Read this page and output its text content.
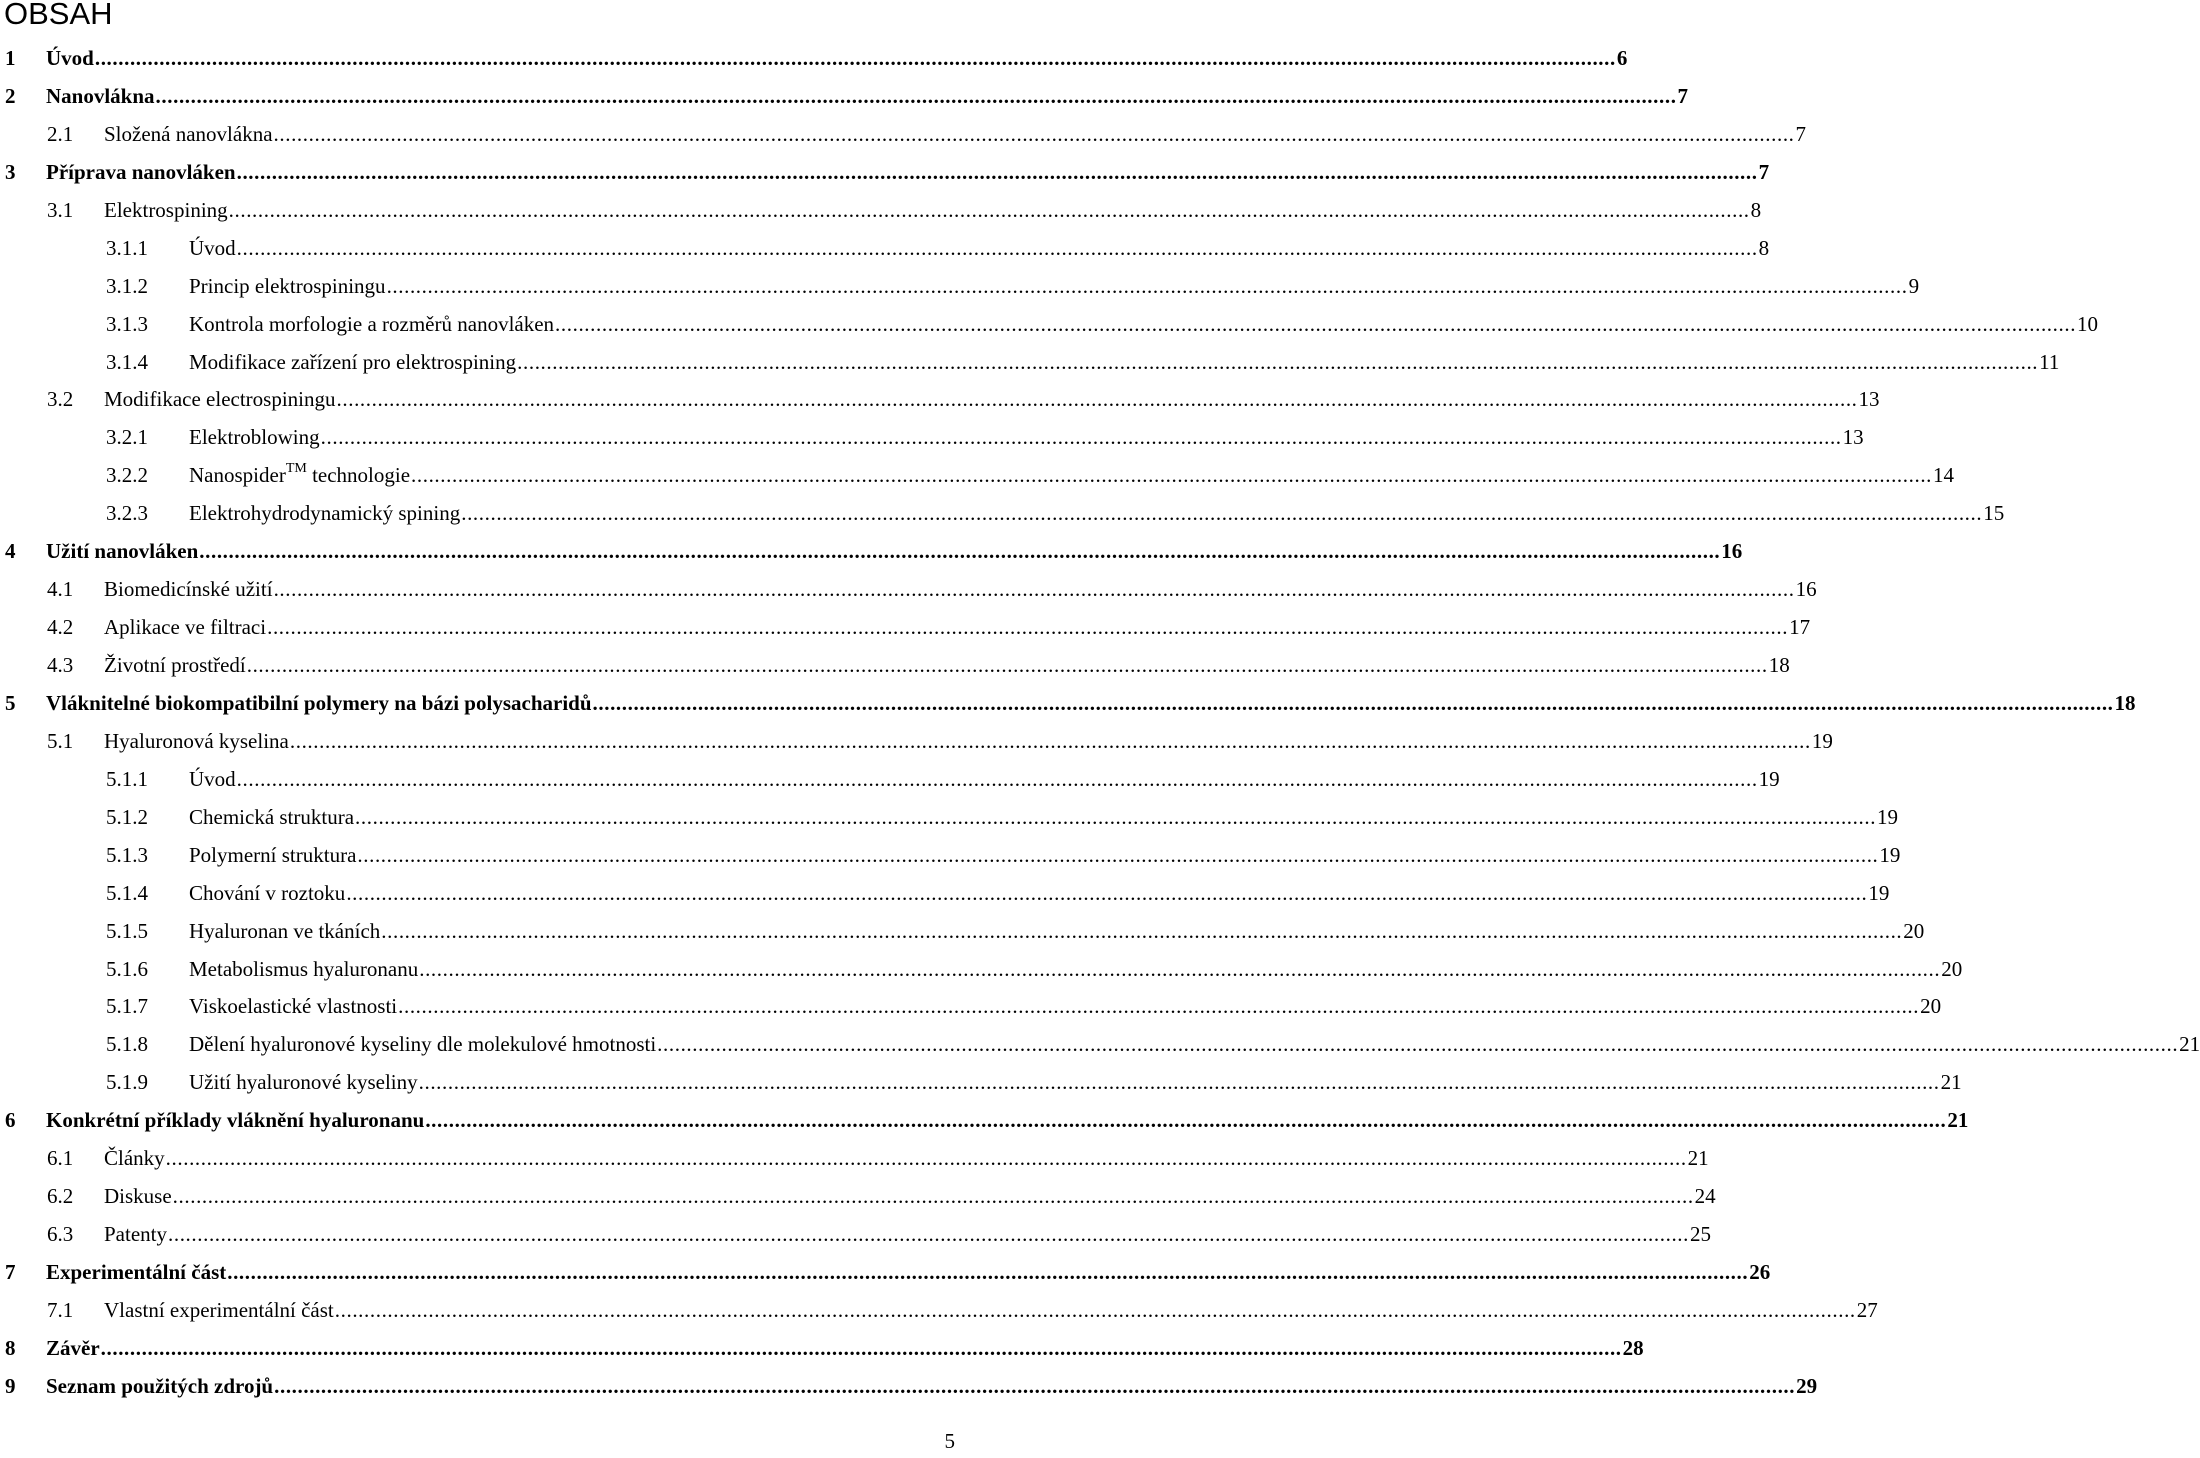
OBSAH
1 Úvod .................................................................................................................................................................................................................................................................... 6
2 Nanovlákna .................................................................................................................................................................................................................................................................... 7
2.1 Složená nanovlákna .................................................................................................................................................................................................................................................................... 7
3 Příprava nanovláken .................................................................................................................................................................................................................................................................... 7
3.1 Elektrospining .................................................................................................................................................................................................................................................................... 8
3.1.1 Úvod .................................................................................................................................................................................................................................................................... 8
3.1.2 Princip elektrospiningu .................................................................................................................................................................................................................................................................... 9
3.1.3 Kontrola morfologie a rozměrů nanovláken .................................................................................................................................................................................................................................................................... 10
3.1.4 Modifikace zařízení pro elektrospining .................................................................................................................................................................................................................................................................... 11
3.2 Modifikace electrospiningu .................................................................................................................................................................................................................................................................... 13
3.2.1 Elektroblowing .................................................................................................................................................................................................................................................................... 13
3.2.2 Nanospider™ technologie .................................................................................................................................................................................................................................................................... 14
3.2.3 Elektrohydrodynamický spining .................................................................................................................................................................................................................................................................... 15
4 Užití nanovláken .................................................................................................................................................................................................................................................................... 16
4.1 Biomedicínské užití .................................................................................................................................................................................................................................................................... 16
4.2 Aplikace ve filtraci .................................................................................................................................................................................................................................................................... 17
4.3 Životní prostředí .................................................................................................................................................................................................................................................................... 18
5 Vláknitelné biokompatibilní polymery na bázi polysacharidů .................................................................................................................................................................................................................................................................... 18
5.1 Hyaluronová kyselina .................................................................................................................................................................................................................................................................... 19
5.1.1 Úvod .................................................................................................................................................................................................................................................................... 19
5.1.2 Chemická struktura .................................................................................................................................................................................................................................................................... 19
5.1.3 Polymerní struktura .................................................................................................................................................................................................................................................................... 19
5.1.4 Chování v roztoku .................................................................................................................................................................................................................................................................... 19
5.1.5 Hyaluronan ve tkáních .................................................................................................................................................................................................................................................................... 20
5.1.6 Metabolismus hyaluronanu .................................................................................................................................................................................................................................................................... 20
5.1.7 Viskoelastické vlastnosti .................................................................................................................................................................................................................................................................... 20
5.1.8 Dělení hyaluronové kyseliny dle molekulové hmotnosti .................................................................................................................................................................................................................................................................... 21
5.1.9 Užití hyaluronové kyseliny .................................................................................................................................................................................................................................................................... 21
6 Konkrétní příklady vláknění hyaluronanu .................................................................................................................................................................................................................................................................... 21
6.1 Články .................................................................................................................................................................................................................................................................... 21
6.2 Diskuse .................................................................................................................................................................................................................................................................... 24
6.3 Patenty .................................................................................................................................................................................................................................................................... 25
7 Experimentální část .................................................................................................................................................................................................................................................................... 26
7.1 Vlastní experimentální část .................................................................................................................................................................................................................................................................... 27
8 Závěr .................................................................................................................................................................................................................................................................... 28
9 Seznam použitých zdrojů .................................................................................................................................................................................................................................................................... 29
5
